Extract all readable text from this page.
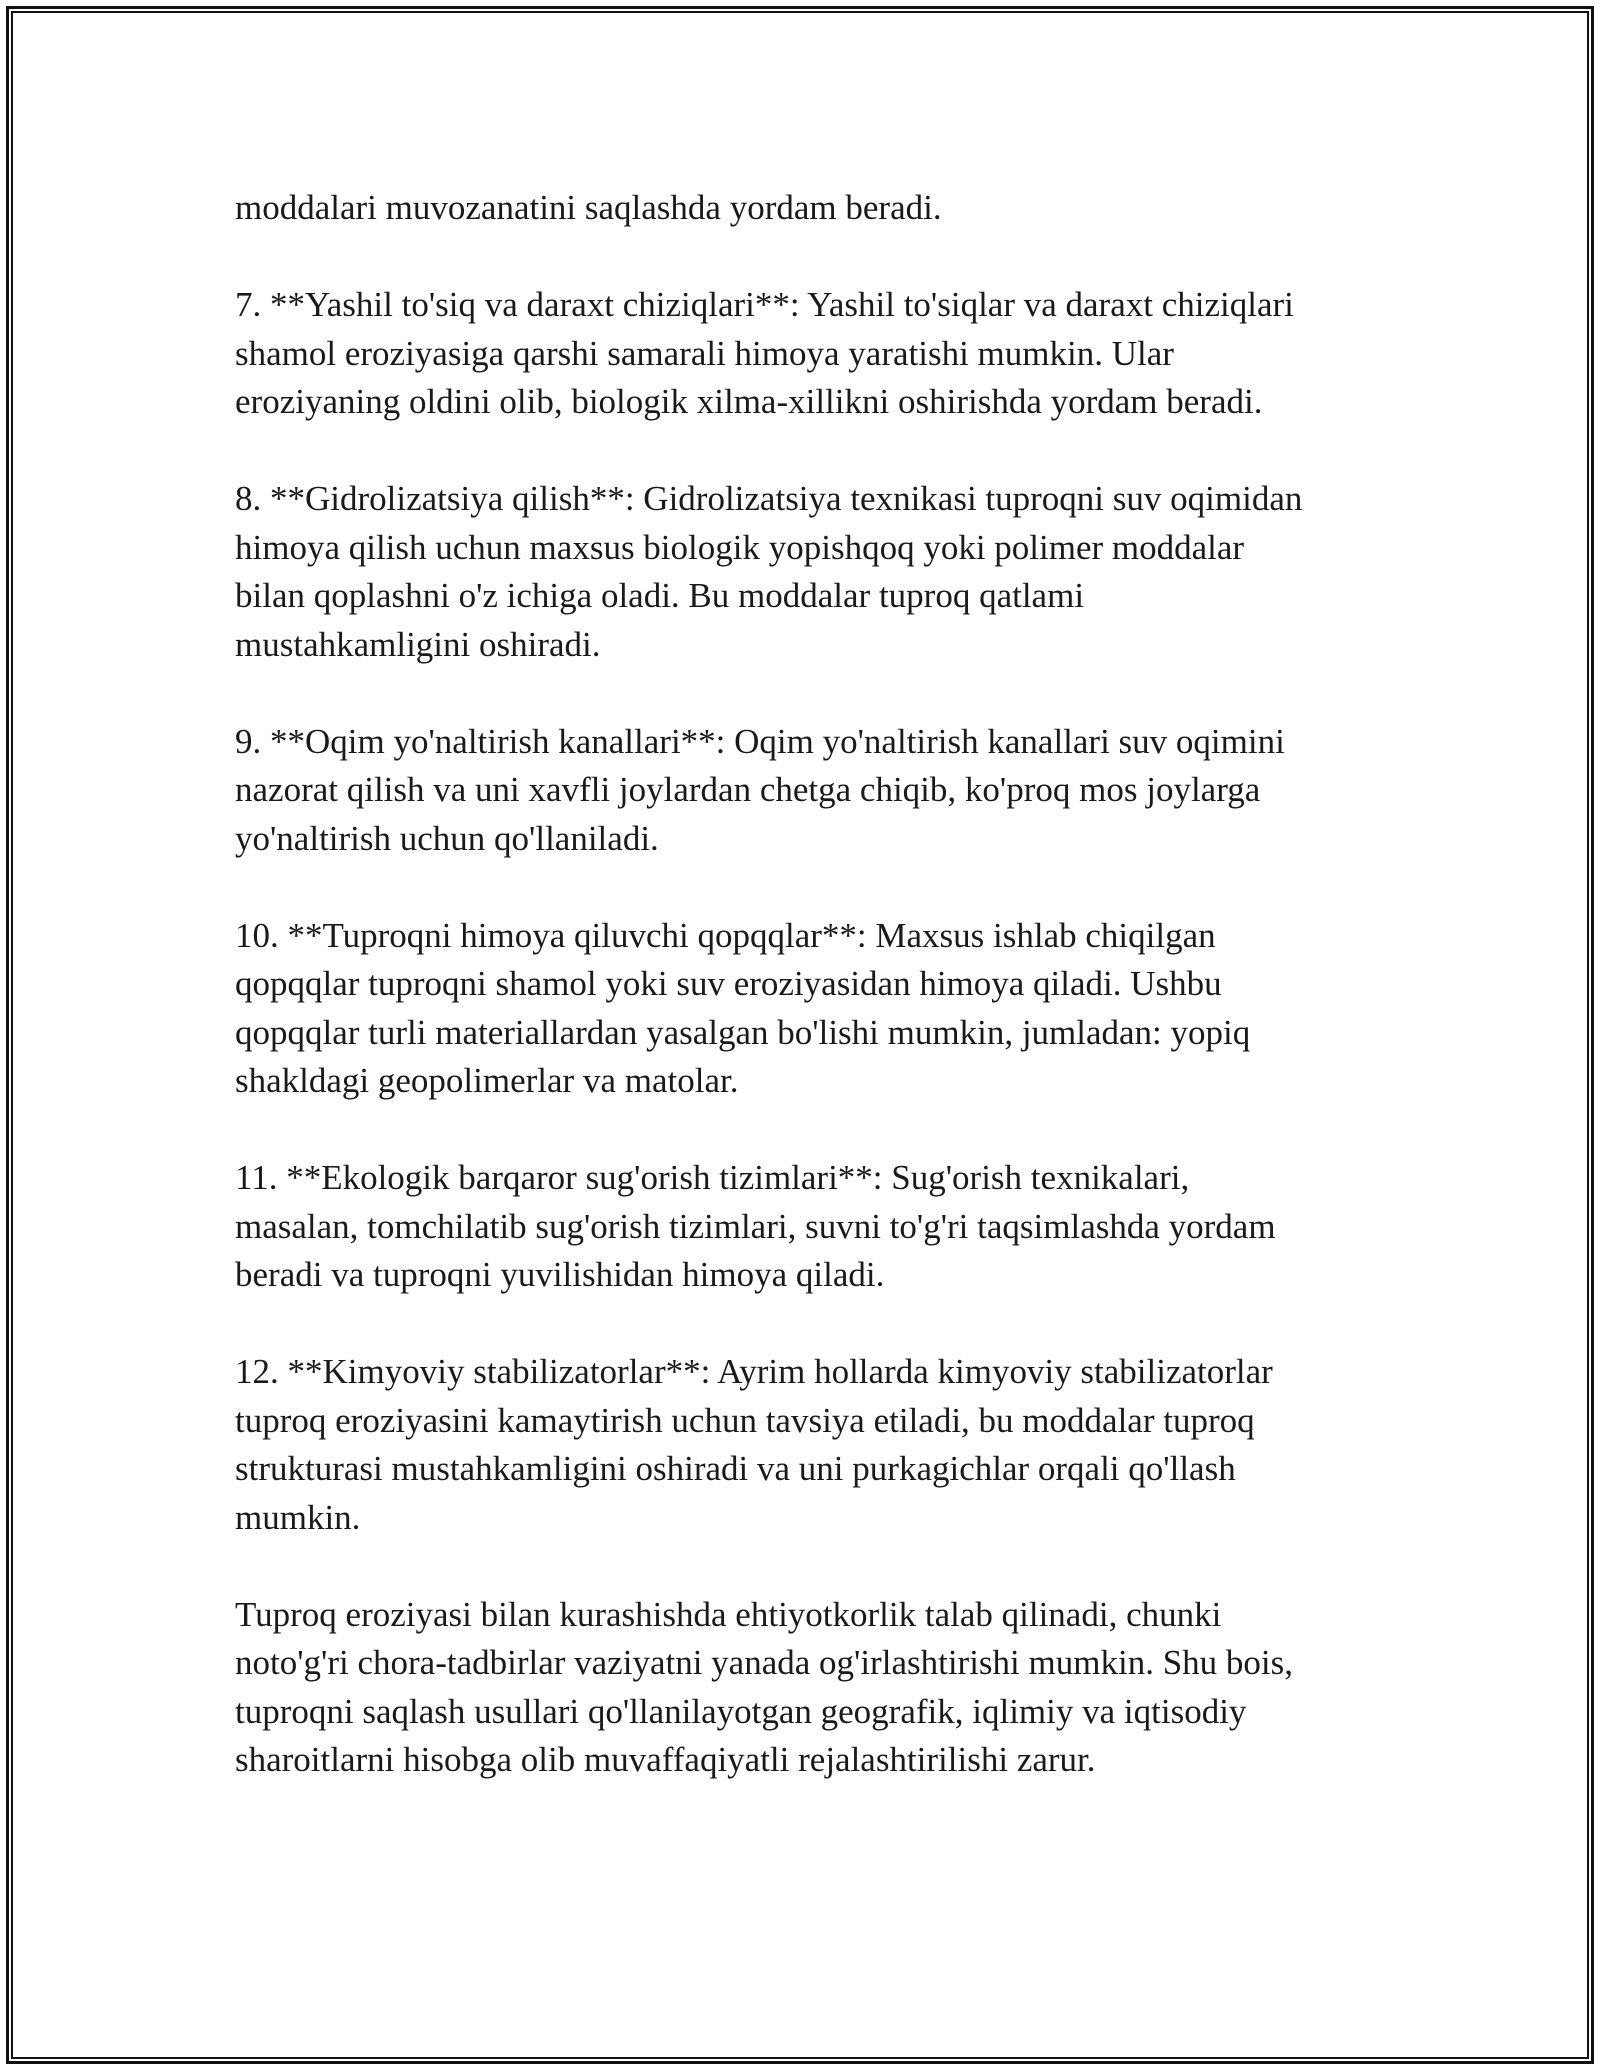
moddalari muvozanatini saqlashda yordam beradi.

7. **Yashil to'siq va daraxt chiziqlari**: Yashil to'siqlar va daraxt chiziqlari
shamol eroziyasiga qarshi samarali himoya yaratishi mumkin. Ular
eroziyaning oldini olib, biologik xilma-xillikni oshirishda yordam beradi.

8. **Gidrolizatsiya qilish**: Gidrolizatsiya texnikasi tuproqni suv oqimidan
himoya qilish uchun maxsus biologik yopishqoq yoki polimer moddalar
bilan qoplashni o'z ichiga oladi. Bu moddalar tuproq qatlami
mustahkamligini oshiradi.

9. **Oqim yo'naltirish kanallari**: Oqim yo'naltirish kanallari suv oqimini
nazorat qilish va uni xavfli joylardan chetga chiqib, ko'proq mos joylarga
yo'naltirish uchun qo'llaniladi.

10. **Tuproqni himoya qiluvchi qopqqlar**: Maxsus ishlab chiqilgan
qopqqlar tuproqni shamol yoki suv eroziyasidan himoya qiladi. Ushbu
qopqqlar turli materiallardan yasalgan bo'lishi mumkin, jumladan: yopiq
shakldagi geopolimerlar va matolar.

11. **Ekologik barqaror sug'orish tizimlari**: Sug'orish texnikalari,
masalan, tomchilatib sug'orish tizimlari, suvni to'g'ri taqsimlashda yordam
beradi va tuproqni yuvilishidan himoya qiladi.

12. **Kimyoviy stabilizatorlar**: Ayrim hollarda kimyoviy stabilizatorlar
tuproq eroziyasini kamaytirish uchun tavsiya etiladi, bu moddalar tuproq
strukturasi mustahkamligini oshiradi va uni purkagichlar orqali qo'llash
mumkin.

Tuproq eroziyasi bilan kurashishda ehtiyotkorlik talab qilinadi, chunki
noto'g'ri chora-tadbirlar vaziyatni yanada og'irlashtirishi mumkin. Shu bois,
tuproqni saqlash usullari qo'llanilayotgan geografik, iqlimiy va iqtisodiy
sharoitlarni hisobga olib muvaffaqiyatli rejalashtirilishi zarur.
